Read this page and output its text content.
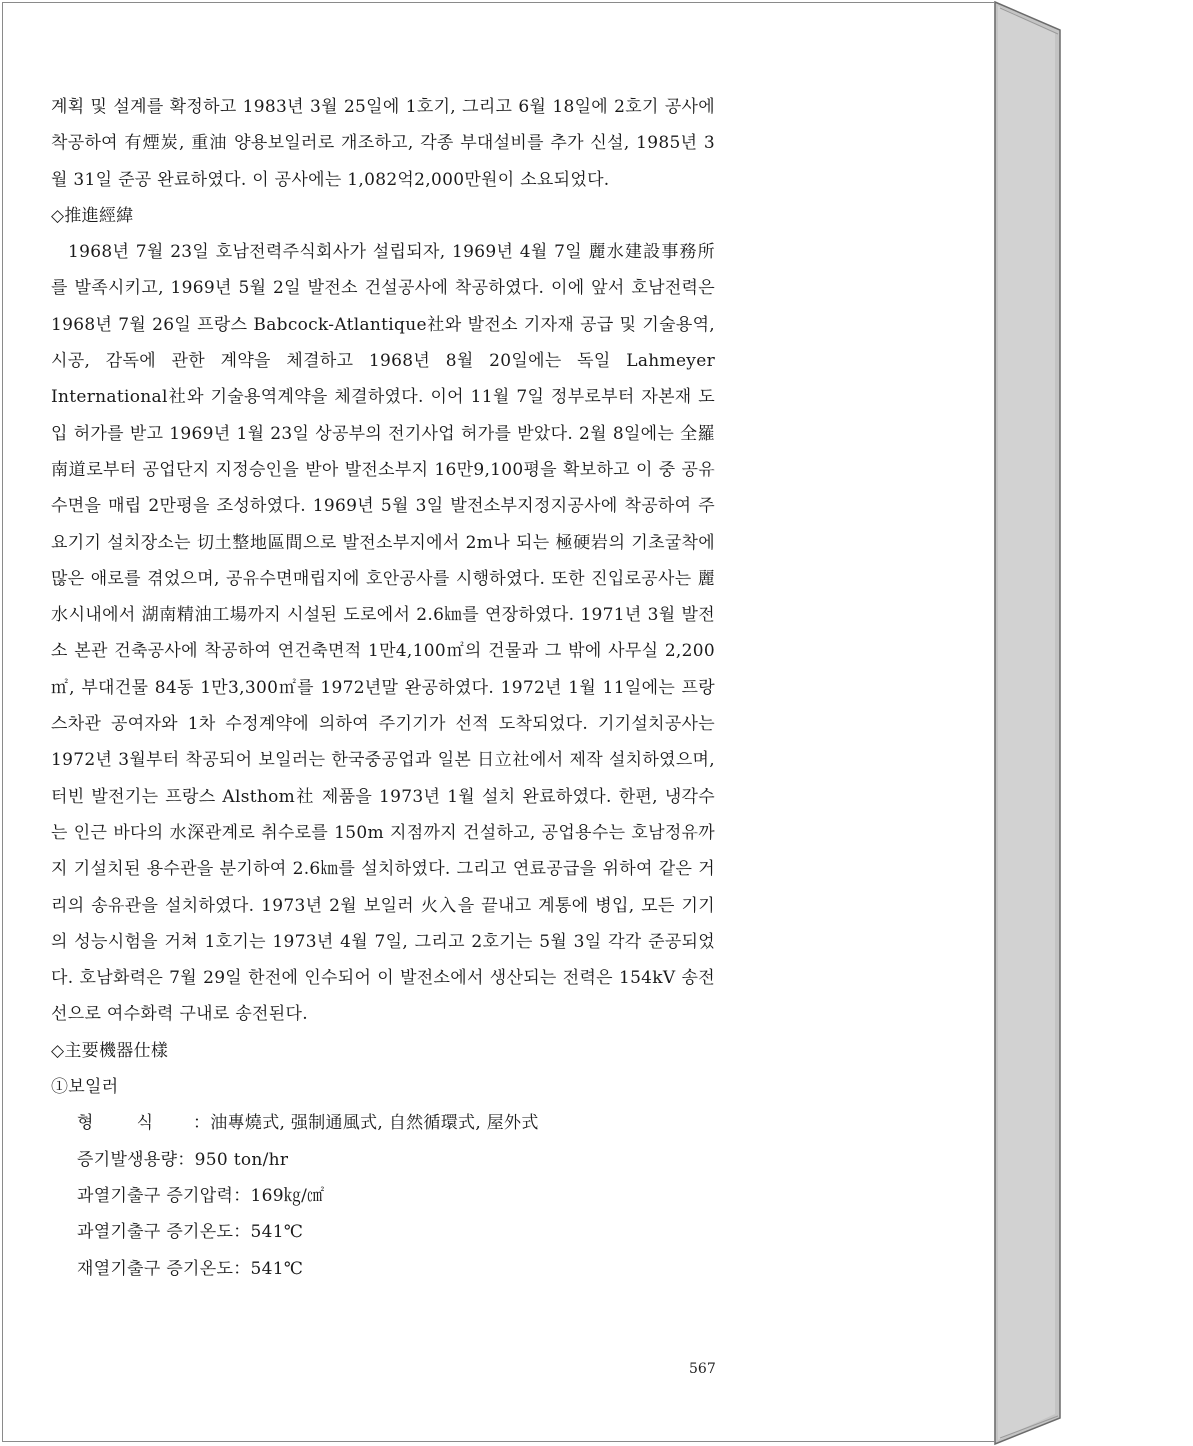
계획 및 설계를 확정하고 1983년 3월 25일에 1호기, 그리고 6월 18일에 2호기 공사에 착공하여 有煙炭, 重油 양용보일러로 개조하고, 각종 부대설비를 추가 신설, 1985년 3월 31일 준공 완료하였다. 이 공사에는 1,082억2,000만원이 소요되었다.

◇推進經緯

1968년 7월 23일 호남전력주식회사가 설립되자, 1969년 4월 7일 麗水建設事務所를 발족시키고, 1969년 5월 2일 발전소 건설공사에 착공하였다. 이에 앞서 호남전력은 1968년 7월 26일 프랑스 Babcock-Atlantique社와 발전소 기자재 공급 및 기술용역, 시공, 감독에 관한 계약을 체결하고 1968년 8월 20일에는 독일 Lahmeyer International社와 기술용역계약을 체결하였다. 이어 11월 7일 정부로부터 자본재 도입 허가를 받고 1969년 1월 23일 상공부의 전기사업 허가를 받았다. 2월 8일에는 全羅南道로부터 공업단지 지정승인을 받아 발전소부지 16만9,100평을 확보하고 이 중 공유수면을 매립 2만평을 조성하였다. 1969년 5월 3일 발전소부지정지공사에 착공하여 주요기기 설치장소는 切土整地區間으로 발전소부지에서 2m나 되는 極硬岩의 기초굴착에 많은 애로를 겪었으며, 공유수면매립지에 호안공사를 시행하였다. 또한 진입로공사는 麗水시내에서 湖南精油工場까지 시설된 도로에서 2.6㎞를 연장하였다. 1971년 3월 발전소 본관 건축공사에 착공하여 연건축면적 1만4,100㎡의 건물과 그 밖에 사무실 2,200㎡, 부대건물 84동 1만3,300㎡를 1972년말 완공하였다. 1972년 1월 11일에는 프랑스차관 공여자와 1차 수정계약에 의하여 주기기가 선적 도착되었다. 기기설치공사는 1972년 3월부터 착공되어 보일러는 한국중공업과 일본 日立社에서 제작 설치하였으며, 터빈 발전기는 프랑스 Alsthom社 제품을 1973년 1월 설치 완료하였다. 한편, 냉각수는 인근 바다의 水深관계로 취수로를 150m 지점까지 건설하고, 공업용수는 호남정유까지 기설치된 용수관을 분기하여 2.6㎞를 설치하였다. 그리고 연료공급을 위하여 같은 거리의 송유관을 설치하였다. 1973년 2월 보일러 火入을 끝내고 계통에 병입, 모든 기기의 성능시험을 거쳐 1호기는 1973년 4월 7일, 그리고 2호기는 5월 3일 각각 준공되었다. 호남화력은 7월 29일 한전에 인수되어 이 발전소에서 생산되는 전력은 154kV 송전선으로 여수화력 구내로 송전된다.

◇主要機器仕樣

①보일러

형        식 ：油專燒式, 强制通風式, 自然循環式, 屋外式

증기발생용량：950 ton/hr

과열기출구 증기압력：169㎏/㎠

과열기출구 증기온도：541℃

재열기출구 증기온도：541℃

567
